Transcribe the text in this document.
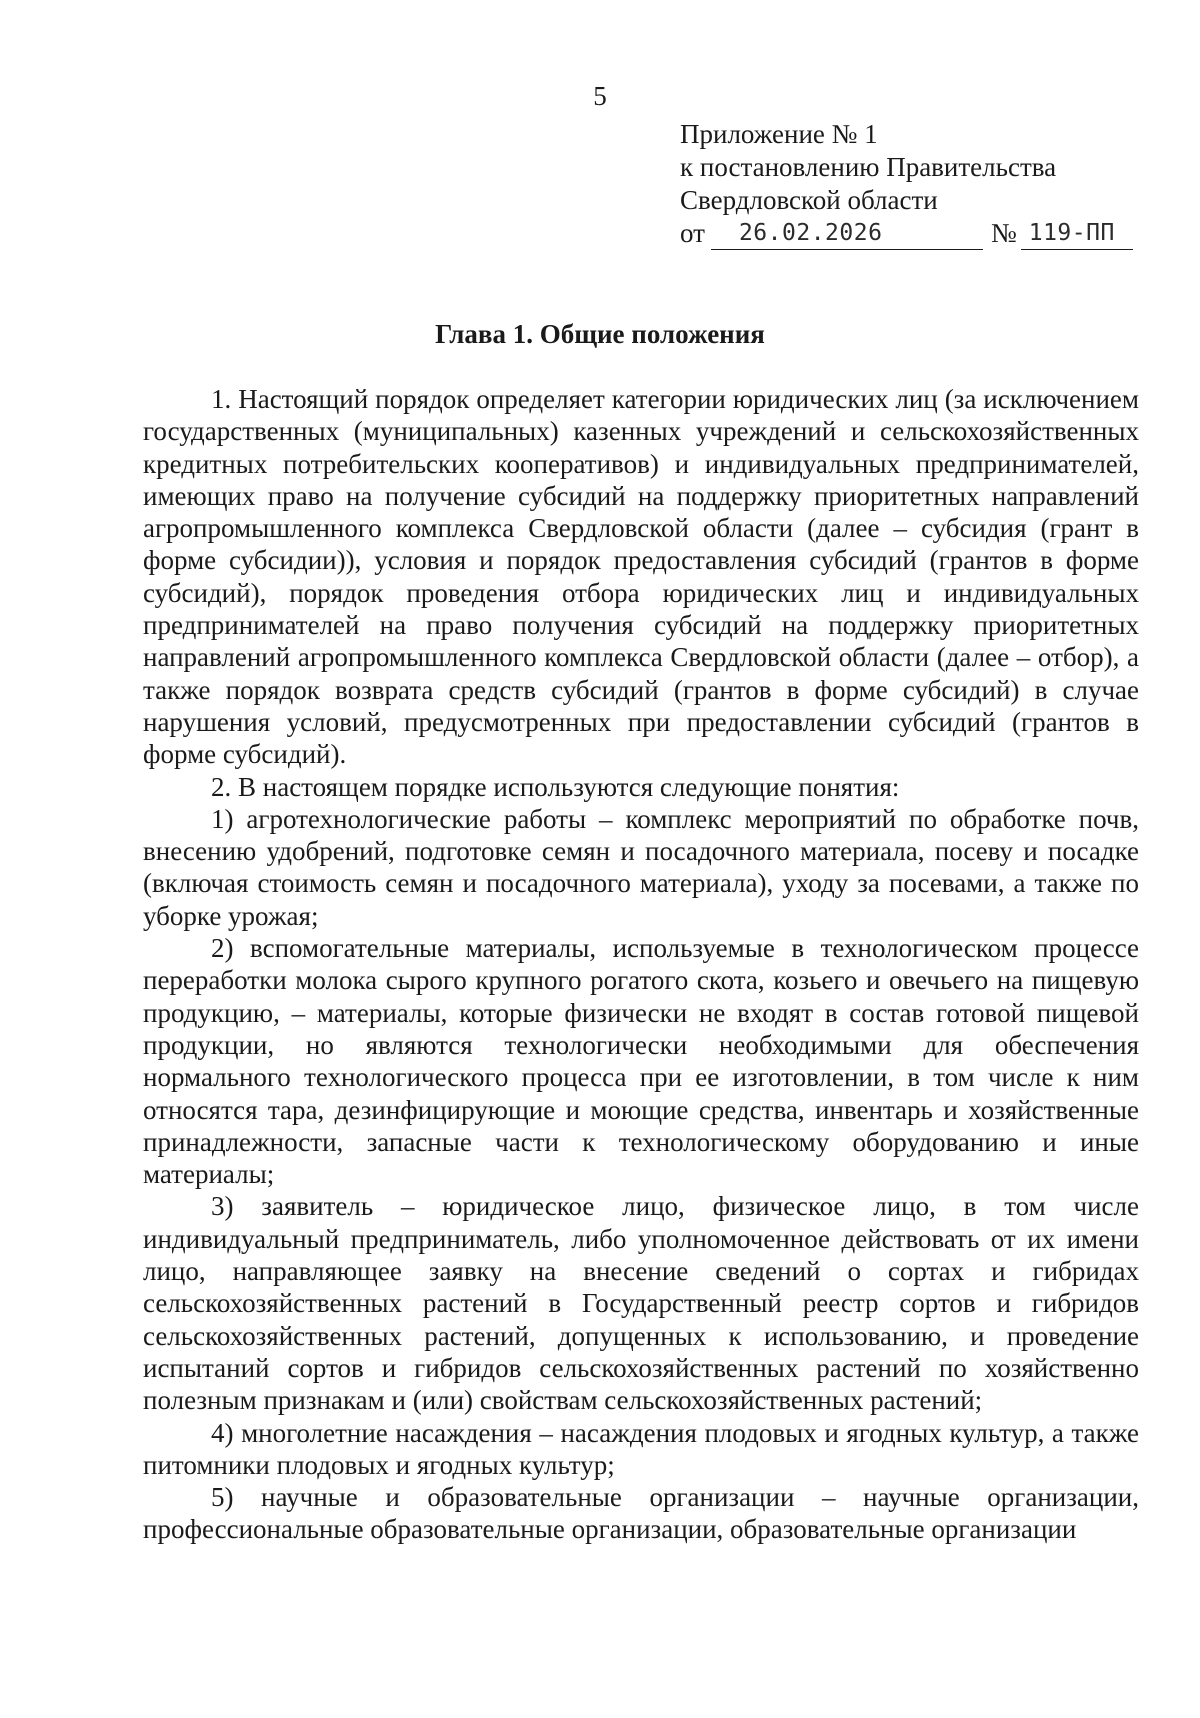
5
Приложение № 1
к постановлению Правительства
Свердловской области
от 26.02.2026	№ 119-ПП
Глава 1. Общие положения

1. Настоящий порядок определяет категории юридических лиц (за исключением государственных (муниципальных) казенных учреждений и сельскохозяйственных кредитных потребительских кооперативов) и индивидуальных предпринимателей, имеющих право на получение субсидий на поддержку приоритетных направлений агропромышленного комплекса Свердловской области (далее – субсидия (грант в форме субсидии)), условия и порядок предоставления субсидий (грантов в форме субсидий), порядок проведения отбора юридических лиц и индивидуальных предпринимателей на право получения субсидий на поддержку приоритетных направлений агропромышленного комплекса Свердловской области (далее – отбор), а также порядок возврата средств субсидий (грантов в форме субсидий) в случае нарушения условий, предусмотренных при предоставлении субсидий (грантов в форме субсидий).

2. В настоящем порядке используются следующие понятия:

1) агротехнологические работы – комплекс мероприятий по обработке почв, внесению удобрений, подготовке семян и посадочного материала, посеву и посадке (включая стоимость семян и посадочного материала), уходу за посевами, а также по уборке урожая;

2) вспомогательные материалы, используемые в технологическом процессе переработки молока сырого крупного рогатого скота, козьего и овечьего на пищевую продукцию, – материалы, которые физически не входят в состав готовой пищевой продукции, но являются технологически необходимыми для обеспечения нормального технологического процесса при ее изготовлении, в том числе к ним относятся тара, дезинфицирующие и моющие средства, инвентарь и хозяйственные принадлежности, запасные части к технологическому оборудованию и иные материалы;

3) заявитель – юридическое лицо, физическое лицо, в том числе индивидуальный предприниматель, либо уполномоченное действовать от их имени лицо, направляющее заявку на внесение сведений о сортах и гибридах сельскохозяйственных растений в Государственный реестр сортов и гибридов сельскохозяйственных растений, допущенных к использованию, и проведение испытаний сортов и гибридов сельскохозяйственных растений по хозяйственно полезным признакам и (или) свойствам сельскохозяйственных растений;

4) многолетние насаждения – насаждения плодовых и ягодных культур, а также питомники плодовых и ягодных культур;

5) научные и образовательные организации – научные организации, профессиональные образовательные организации, образовательные организации
